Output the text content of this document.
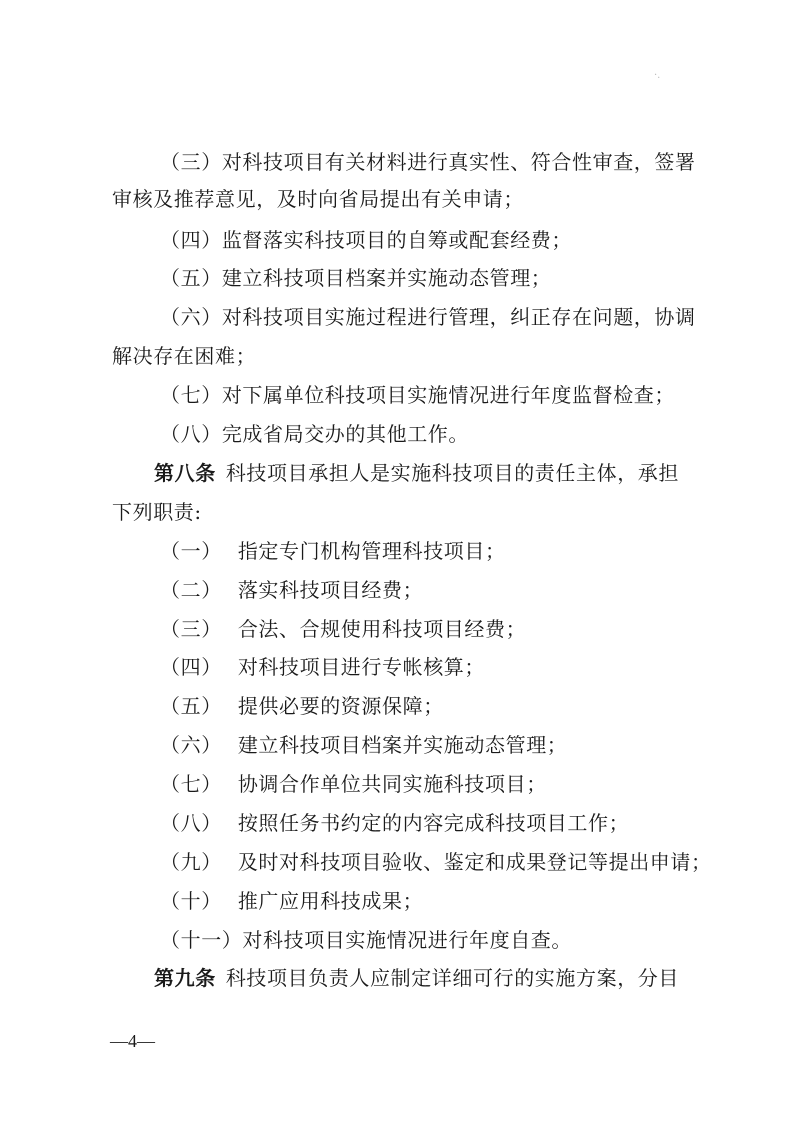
·.
（三）对科技项目有关材料进行真实性、符合性审查，签署
审核及推荐意见，及时向省局提出有关申请；
（四）监督落实科技项目的自筹或配套经费；
（五）建立科技项目档案并实施动态管理；
（六）对科技项目实施过程进行管理，纠正存在问题，协调
解决存在困难；
（七）对下属单位科技项目实施情况进行年度监督检查；
（八）完成省局交办的其他工作。
第八条 科技项目承担人是实施科技项目的责任主体，承担
下列职责:
（一） 指定专门机构管理科技项目；
（二） 落实科技项目经费；
（三） 合法、合规使用科技项目经费；
（四） 对科技项目进行专帐核算；
（五） 提供必要的资源保障；
（六） 建立科技项目档案并实施动态管理；
（七） 协调合作单位共同实施科技项目；
（八） 按照任务书约定的内容完成科技项目工作；
（九） 及时对科技项目验收、鉴定和成果登记等提出申请；
（十） 推广应用科技成果；
（十一）对科技项目实施情况进行年度自查。
第九条 科技项目负责人应制定详细可行的实施方案，分目
—4—
